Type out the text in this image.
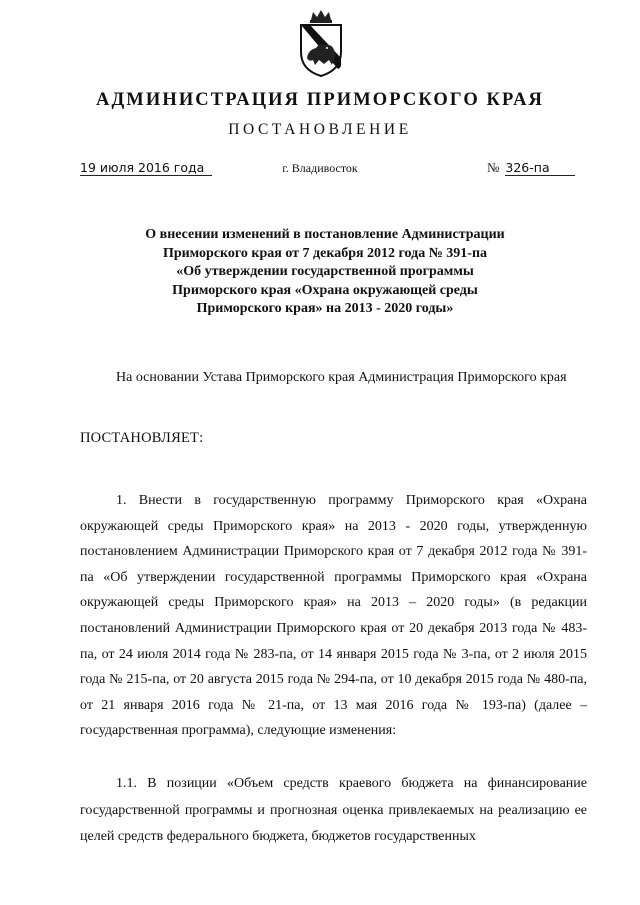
АДМИНИСТРАЦИЯ ПРИМОРСКОГО КРАЯ
ПОСТАНОВЛЕНИЕ
19 июля 2016 года	г. Владивосток	№ 326-па
О внесении изменений в постановление Администрации
Приморского края от 7 декабря 2012 года № 391-па
«Об утверждении государственной программы
Приморского края «Охрана окружающей среды
Приморского края» на 2013 - 2020 годы»
На основании Устава Приморского края Администрация Приморского края
ПОСТАНОВЛЯЕТ:
1. Внести в государственную программу Приморского края «Охрана окружающей среды Приморского края» на 2013 - 2020 годы, утвержденную постановлением Администрации Приморского края от 7 декабря 2012 года № 391-па «Об утверждении государственной программы Приморского края «Охрана окружающей среды Приморского края» на 2013 – 2020 годы» (в редакции постановлений Администрации Приморского края от 20 декабря 2013 года № 483-па, от 24 июля 2014 года № 283-па, от 14 января 2015 года № 3-па, от 2 июля 2015 года № 215-па, от 20 августа 2015 года № 294-па, от 10 декабря 2015 года № 480-па, от 21 января 2016 года № 21-па, от 13 мая 2016 года № 193-па) (далее – государственная программа), следующие изменения:
1.1. В позиции «Объем средств краевого бюджета на финансирование государственной программы и прогнозная оценка привлекаемых на реализацию ее целей средств федерального бюджета, бюджетов государственных
